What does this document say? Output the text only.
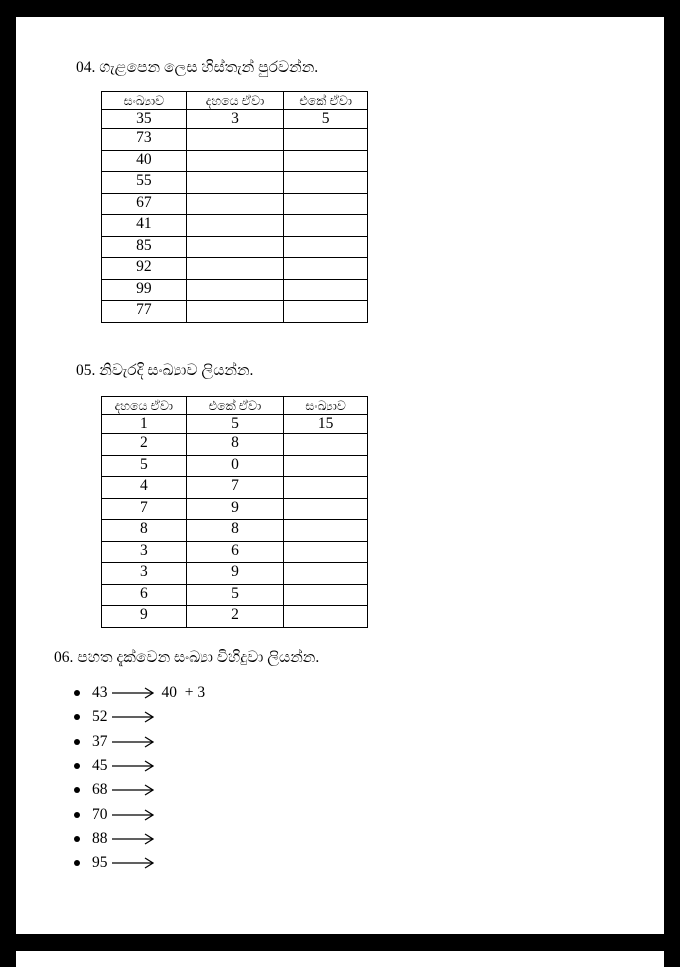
04. ගැළපෙන ලෙස හිස්තැන් පුරවන්න.
සංඛ්‍යාව	දහයෙ ඒවා	එකේ ඒවා
35	3	5
73		
40		
55		
67		
41		
85		
92		
99		
77		
05. නිවැරදි සංඛ්‍යාව ලියන්න.
දහයෙ ඒවා	එකේ ඒවා	සංඛ්‍යාව
1	5	15
2	8	
5	0	
4	7	
7	9	
8	8	
3	6	
3	9	
6	5	
9	2	
06. පහත දැක්වෙන සංඛ්‍යා විහිදුවා ලියන්න.
43	40  + 3
52
37
45
68
70
88
95
